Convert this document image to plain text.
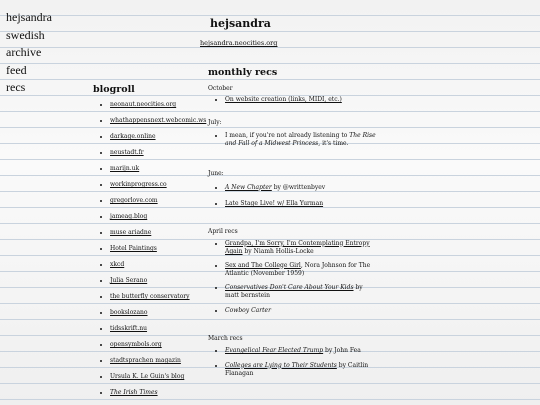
hejsandra
swedish
archive
feed
recs
hejsandra
hejsandra.neocities.org
blogroll
• neonaut.neocities.org
• whathappensnext.webcomic.ws
• darkage.online
• neustadt.fr
• marijn.uk
• workinprogress.co
• gregorlove.com
• jameag.blog
• muse ariadne
• Hotel Paintings
• xkcd
• Julia Serano
• the butterfly conservatory
• bookslozano
• tidsskrift.nu
• opensymbols.org
• stadtsprachen magazin
• Ursula K. Le Guin's blog
• The Irish Times
monthly recs

October

• On website creation (links, MIDI, etc.)

July:

• I mean, if you're not already listening to The Rise and Fall of a Midwest Princess, it's time.

June:

• A New Chapter by @writtenbyev
• Late Stage Live! w/ Ella Yurman

April recs

• Grandpa, I'm Sorry, I'm Contemplating Entropy Again by Niamh Hollis-Locke
• Sex and The College Girl, Nora Johnson for The Atlantic (November 1959)
• Conservatives Don't Care About Your Kids by matt bernstein
• Cowboy Carter

March recs

• Evangelical Fear Elected Trump by John Fea
• Colleges are Lying to Their Students by Caitlin Flanagan
